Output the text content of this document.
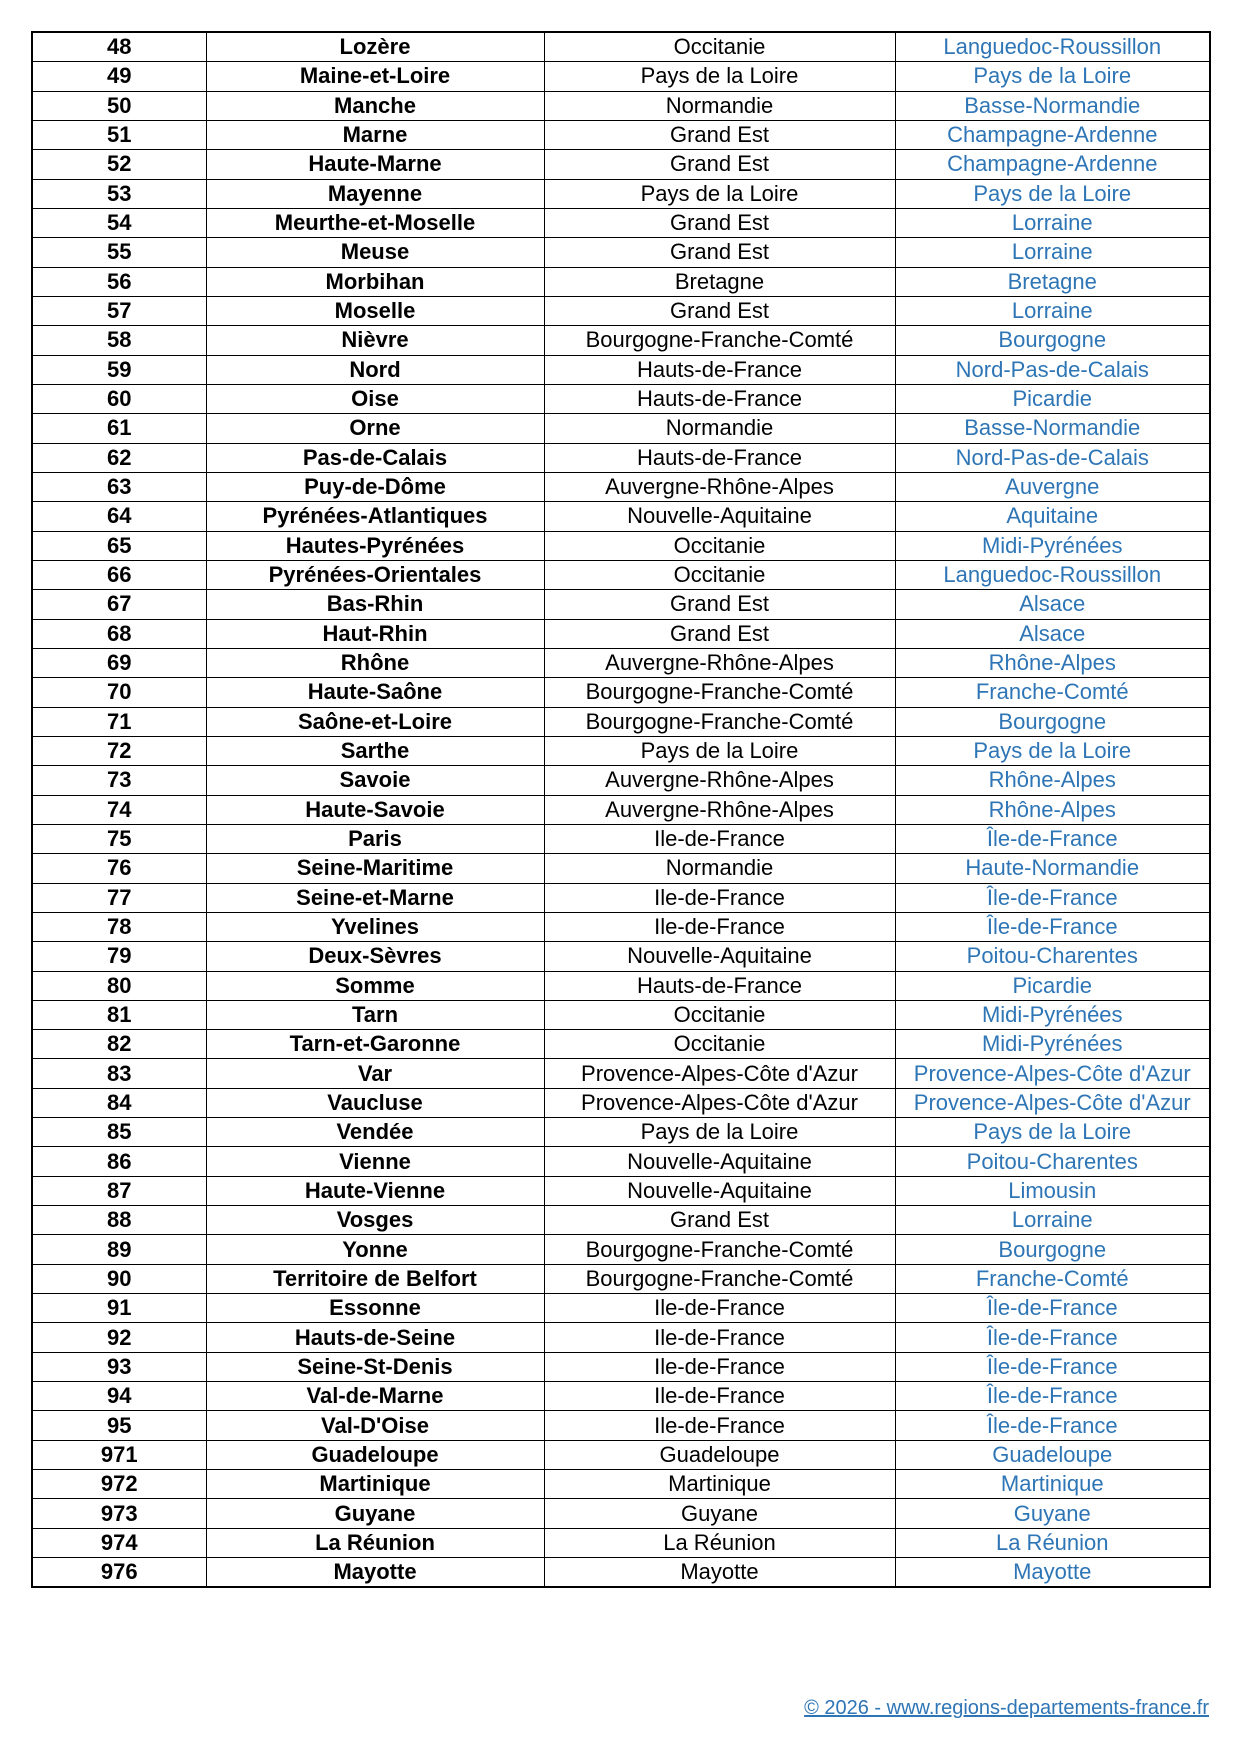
48	Lozère	Occitanie	Languedoc-Roussillon
49	Maine-et-Loire	Pays de la Loire	Pays de la Loire
50	Manche	Normandie	Basse-Normandie
51	Marne	Grand Est	Champagne-Ardenne
52	Haute-Marne	Grand Est	Champagne-Ardenne
53	Mayenne	Pays de la Loire	Pays de la Loire
54	Meurthe-et-Moselle	Grand Est	Lorraine
55	Meuse	Grand Est	Lorraine
56	Morbihan	Bretagne	Bretagne
57	Moselle	Grand Est	Lorraine
58	Nièvre	Bourgogne-Franche-Comté	Bourgogne
59	Nord	Hauts-de-France	Nord-Pas-de-Calais
60	Oise	Hauts-de-France	Picardie
61	Orne	Normandie	Basse-Normandie
62	Pas-de-Calais	Hauts-de-France	Nord-Pas-de-Calais
63	Puy-de-Dôme	Auvergne-Rhône-Alpes	Auvergne
64	Pyrénées-Atlantiques	Nouvelle-Aquitaine	Aquitaine
65	Hautes-Pyrénées	Occitanie	Midi-Pyrénées
66	Pyrénées-Orientales	Occitanie	Languedoc-Roussillon
67	Bas-Rhin	Grand Est	Alsace
68	Haut-Rhin	Grand Est	Alsace
69	Rhône	Auvergne-Rhône-Alpes	Rhône-Alpes
70	Haute-Saône	Bourgogne-Franche-Comté	Franche-Comté
71	Saône-et-Loire	Bourgogne-Franche-Comté	Bourgogne
72	Sarthe	Pays de la Loire	Pays de la Loire
73	Savoie	Auvergne-Rhône-Alpes	Rhône-Alpes
74	Haute-Savoie	Auvergne-Rhône-Alpes	Rhône-Alpes
75	Paris	Ile-de-France	Île-de-France
76	Seine-Maritime	Normandie	Haute-Normandie
77	Seine-et-Marne	Ile-de-France	Île-de-France
78	Yvelines	Ile-de-France	Île-de-France
79	Deux-Sèvres	Nouvelle-Aquitaine	Poitou-Charentes
80	Somme	Hauts-de-France	Picardie
81	Tarn	Occitanie	Midi-Pyrénées
82	Tarn-et-Garonne	Occitanie	Midi-Pyrénées
83	Var	Provence-Alpes-Côte d'Azur	Provence-Alpes-Côte d'Azur
84	Vaucluse	Provence-Alpes-Côte d'Azur	Provence-Alpes-Côte d'Azur
85	Vendée	Pays de la Loire	Pays de la Loire
86	Vienne	Nouvelle-Aquitaine	Poitou-Charentes
87	Haute-Vienne	Nouvelle-Aquitaine	Limousin
88	Vosges	Grand Est	Lorraine
89	Yonne	Bourgogne-Franche-Comté	Bourgogne
90	Territoire de Belfort	Bourgogne-Franche-Comté	Franche-Comté
91	Essonne	Ile-de-France	Île-de-France
92	Hauts-de-Seine	Ile-de-France	Île-de-France
93	Seine-St-Denis	Ile-de-France	Île-de-France
94	Val-de-Marne	Ile-de-France	Île-de-France
95	Val-D'Oise	Ile-de-France	Île-de-France
971	Guadeloupe	Guadeloupe	Guadeloupe
972	Martinique	Martinique	Martinique
973	Guyane	Guyane	Guyane
974	La Réunion	La Réunion	La Réunion
976	Mayotte	Mayotte	Mayotte
© 2026 - www.regions-departements-france.fr
